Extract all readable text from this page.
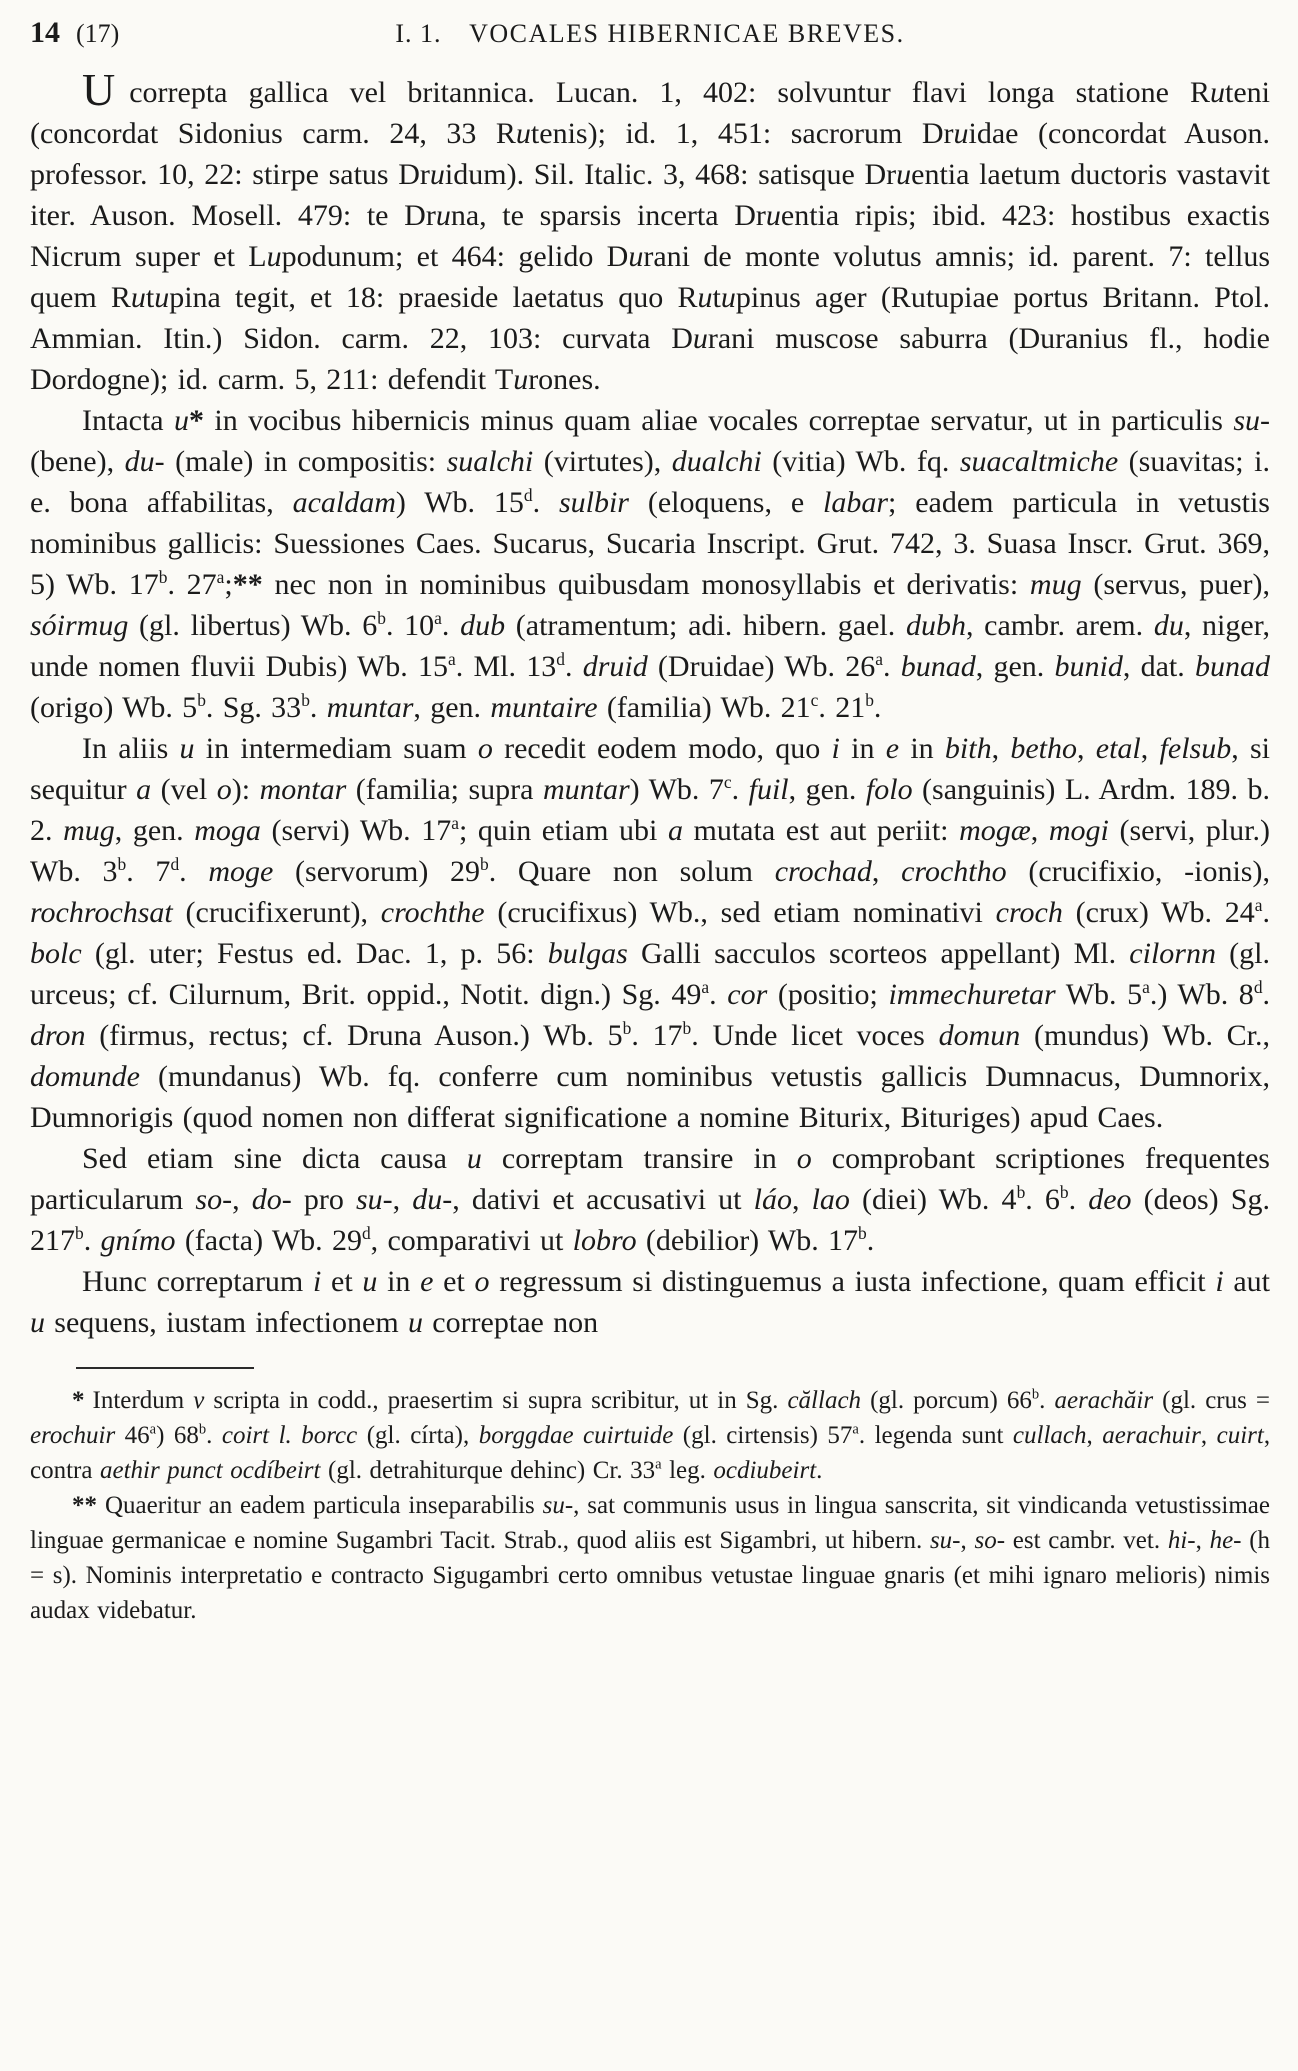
14 (17)	I. 1. VOCALES HIBERNICAE BREVES.

Ucorrepta gallica vel britannica. Lucan. 1, 402: solvuntur flavi longa statione Ruteni (concordat Sidonius carm. 24, 33 Rutenis); id. 1, 451: sacrorum Druidae (concordat Auson. professor. 10, 22: stirpe satus Druidum). Sil. Italic. 3, 468: satisque Druentia laetum ductoris vastavit iter. Auson. Mosell. 479: te Druna, te sparsis incerta Druentia ripis; ibid. 423: hostibus exactis Nicrum super et Lupodunum; et 464: gelido Durani de monte volutus amnis; id. parent. 7: tellus quem Rutupina tegit, et 18: praeside laetatus quo Rutupinus ager (Rutupiae portus Britann. Ptol. Ammian. Itin.) Sidon. carm. 22, 103: curvata Durani muscose saburra (Duranius fl., hodie Dordogne); id. carm. 5, 211: defendit Turones.

Intacta u* in vocibus hibernicis minus quam aliae vocales correptae servatur, ut in particulis su- (bene), du- (male) in compositis: sualchi (virtutes), dualchi (vitia) Wb. fq. suacaltmiche (suavitas; i. e. bona affabilitas, acaldam) Wb. 15$^d$. sulbir (eloquens, e labar; eadem particula in vetustis nominibus gallicis: Suessiones Caes. Sucarus, Sucaria Inscript. Grut. 742, 3. Suasa Inscr. Grut. 369, 5) Wb. 17$^b$. 27$^a$;** nec non in nominibus quibusdam monosyllabis et derivatis: mug (servus, puer), sóirmug (gl. libertus) Wb. 6$^b$. 10$^a$. dub (atramentum; adi. hibern. gael. dubh, cambr. arem. du, niger, unde nomen fluvii Dubis) Wb. 15$^a$. Ml. 13$^d$. druid (Druidae) Wb. 26$^a$. bunad, gen. bunid, dat. bunad (origo) Wb. 5$^b$. Sg. 33$^b$. muntar, gen. muntaire (familia) Wb. 21$^c$. 21$^b$.

In aliis u in intermediam suam o recedit eodem modo, quo i in e in bith, betho, etal, felsub, si sequitur a (vel o): montar (familia; supra muntar) Wb. 7$^c$. fuil, gen. folo (sanguinis) L. Ardm. 189. b. 2. mug, gen. moga (servi) Wb. 17$^a$; quin etiam ubi a mutata est aut periit: mogæ, mogi (servi, plur.) Wb. 3$^b$. 7$^d$. moge (servorum) 29$^b$. Quare non solum crochad, crochtho (crucifixio, -ionis), rochrochsat (crucifixerunt), crochthe (crucifixus) Wb., sed etiam nominativi croch (crux) Wb. 24$^a$. bolc (gl. uter; Festus ed. Dac. 1, p. 56: bulgas Galli sacculos scorteos appellant) Ml. cilornn (gl. urceus; cf. Cilurnum, Brit. oppid., Notit. dign.) Sg. 49$^a$. cor (positio; immechuretar Wb. 5$^a$.) Wb. 8$^d$. dron (firmus, rectus; cf. Druna Auson.) Wb. 5$^b$. 17$^b$. Unde licet voces domun (mundus) Wb. Cr., domunde (mundanus) Wb. fq. conferre cum nominibus vetustis gallicis Dumnacus, Dumnorix, Dumnorigis (quod nomen non differat significatione a nomine Biturix, Bituriges) apud Caes.

Sed etiam sine dicta causa u correptam transire in o comprobant scriptiones frequentes particularum so-, do- pro su-, du-, dativi et accusativi ut láo, lao (diei) Wb. 4$^b$. 6$^b$. deo (deos) Sg. 217$^b$. gnímo (facta) Wb. 29$^d$, comparativi ut lobro (debilior) Wb. 17$^b$.

Hunc correptarum i et u in e et o regressum si distinguemus a iusta infectione, quam efficit i aut u sequens, iustam infectionem u correptae non

* Interdum v scripta in codd., praesertim si supra scribitur, ut in Sg. căllach (gl. porcum) 66$^b$. aerachăir (gl. crus = erochuir 46$^a$) 68$^b$. coirt l. borcc (gl. círta), borggdae cuirtuide (gl. cirtensis) 57$^a$. legenda sunt cullach, aerachuir, cuirt, contra aethir punct ocdíbeirt (gl. detrahiturque dehinc) Cr. 33$^a$ leg. ocdiubeirt.

** Quaeritur an eadem particula inseparabilis su-, sat communis usus in lingua sanscrita, sit vindicanda vetustissimae linguae germanicae e nomine Sugambri Tacit. Strab., quod aliis est Sigambri, ut hibern. su-, so- est cambr. vet. hi-, he- (h = s). Nominis interpretatio e contracto Sigugambri certo omnibus vetustae linguae gnaris (et mihi ignaro melioris) nimis audax videbatur.
